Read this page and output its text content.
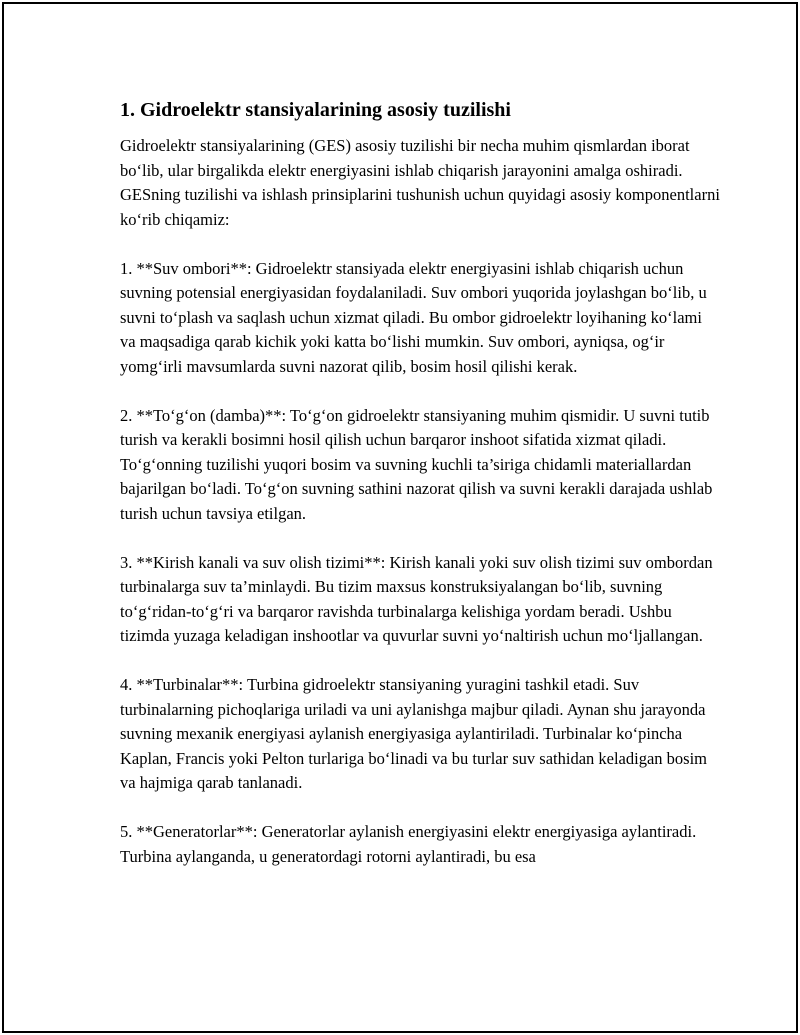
1. Gidroelektr stansiyalarining asosiy tuzilishi

Gidroelektr stansiyalarining (GES) asosiy tuzilishi bir necha muhim qismlardan iborat bo‘lib, ular birgalikda elektr energiyasini ishlab chiqarish jarayonini amalga oshiradi. GESning tuzilishi va ishlash prinsiplarini tushunish uchun quyidagi asosiy komponentlarni ko‘rib chiqamiz:

1. **Suv ombori**: Gidroelektr stansiyada elektr energiyasini ishlab chiqarish uchun suvning potensial energiyasidan foydalaniladi. Suv ombori yuqorida joylashgan bo‘lib, u suvni to‘plash va saqlash uchun xizmat qiladi. Bu ombor gidroelektr loyihaning ko‘lami va maqsadiga qarab kichik yoki katta bo‘lishi mumkin. Suv ombori, ayniqsa, og‘ir yomg‘irli mavsumlarda suvni nazorat qilib, bosim hosil qilishi kerak.

2. **To‘g‘on (damba)**: To‘g‘on gidroelektr stansiyaning muhim qismidir. U suvni tutib turish va kerakli bosimni hosil qilish uchun barqaror inshoot sifatida xizmat qiladi. To‘g‘onning tuzilishi yuqori bosim va suvning kuchli ta’siriga chidamli materiallardan bajarilgan bo‘ladi. To‘g‘on suvning sathini nazorat qilish va suvni kerakli darajada ushlab turish uchun tavsiya etilgan.

3. **Kirish kanali va suv olish tizimi**: Kirish kanali yoki suv olish tizimi suv ombordan turbinalarga suv ta’minlaydi. Bu tizim maxsus konstruksiyalangan bo‘lib, suvning to‘g‘ridan-to‘g‘ri va barqaror ravishda turbinalarga kelishiga yordam beradi. Ushbu tizimda yuzaga keladigan inshootlar va quvurlar suvni yo‘naltirish uchun mo‘ljallangan.

4. **Turbinalar**: Turbina gidroelektr stansiyaning yuragini tashkil etadi. Suv turbinalarning pichoqlariga uriladi va uni aylanishga majbur qiladi. Aynan shu jarayonda suvning mexanik energiyasi aylanish energiyasiga aylantiriladi. Turbinalar ko‘pincha Kaplan, Francis yoki Pelton turlariga bo‘linadi va bu turlar suv sathidan keladigan bosim va hajmiga qarab tanlanadi.

5. **Generatorlar**: Generatorlar aylanish energiyasini elektr energiyasiga aylantiradi. Turbina aylanganda, u generatordagi rotorni aylantiradi, bu esa
